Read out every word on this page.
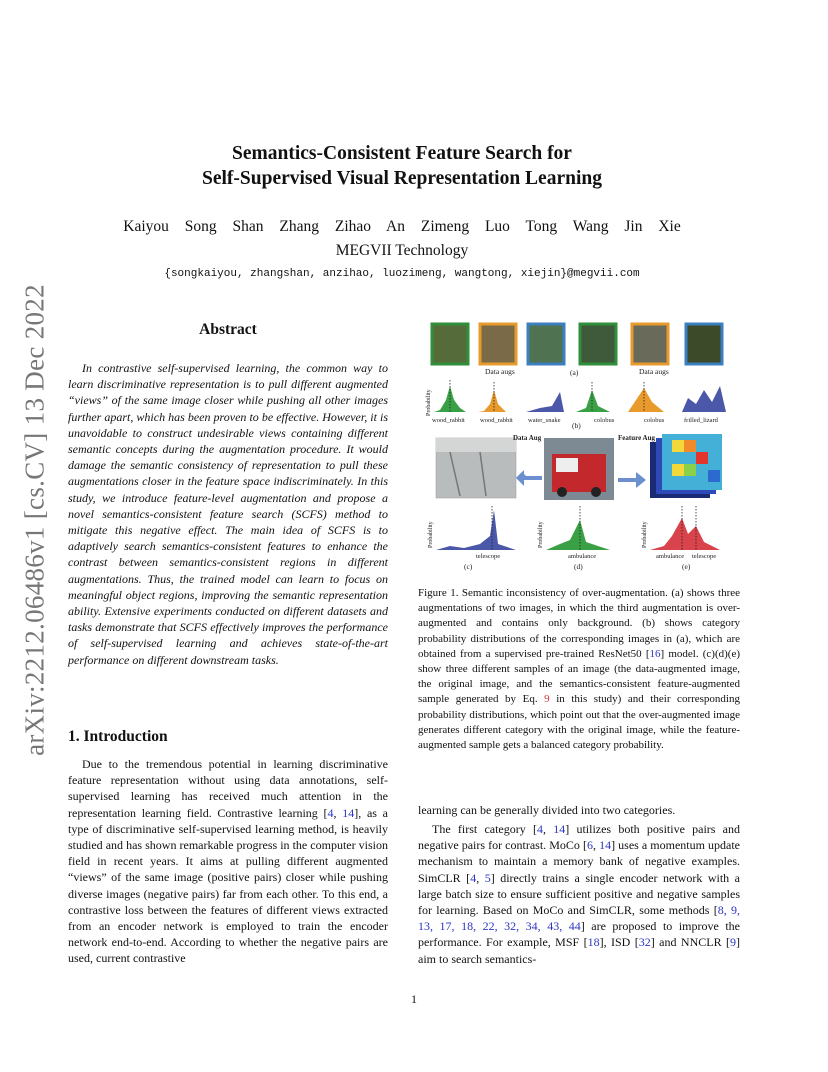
arXiv:2212.06486v1 [cs.CV] 13 Dec 2022
Semantics-Consistent Feature Search for
Self-Supervised Visual Representation Learning
Kaiyou Song Shan Zhang Zihao An Zimeng Luo Tong Wang Jin Xie
MEGVII Technology
{songkaiyou, zhangshan, anzihao, luozimeng, wangtong, xiejin}@megvii.com
Abstract
In contrastive self-supervised learning, the common way to learn discriminative representation is to pull different augmented “views” of the same image closer while pushing all other images further apart, which has been proven to be effective. However, it is unavoidable to construct undesirable views containing different semantic concepts during the augmentation procedure. It would damage the semantic consistency of representation to pull these augmentations closer in the feature space indiscriminately. In this study, we introduce feature-level augmentation and propose a novel semantics-consistent feature search (SCFS) method to mitigate this negative effect. The main idea of SCFS is to adaptively search semantics-consistent features to enhance the contrast between semantics-consistent regions in different augmentations. Thus, the trained model can learn to focus on meaningful object regions, improving the semantic representation ability. Extensive experiments conducted on different datasets and tasks demonstrate that SCFS effectively improves the performance of self-supervised learning and achieves state-of-the-art performance on different downstream tasks.
1. Introduction
Due to the tremendous potential in learning discriminative feature representation without using data annotations, self-supervised learning has received much attention in the representation learning field. Contrastive learning [4, 14], as a type of discriminative self-supervised learning method, is heavily studied and has shown remarkable progress in the computer vision field in recent years. It aims at pulling different augmented “views” of the same image (positive pairs) closer while pushing diverse images (negative pairs) far from each other. To this end, a contrastive loss between the features of different views extracted from an encoder network is employed to train the encoder network end-to-end. According to whether the negative pairs are used, current contrastive
Data augs	(a)	Data augs
Probability
wood_rabbit wood_rabbit water_snake	colobus	colobus	frilled_lizard
(b)
Data Aug	Feature Aug
Probability	Probability	Probability
telescope	ambulance	ambulance telescope
(c)	(d)	(e)
Figure 1. Semantic inconsistency of over-augmentation. (a) shows three augmentations of two images, in which the third augmentation is over-augmented and contains only background. (b) shows category probability distributions of the corresponding images in (a), which are obtained from a supervised pre-trained ResNet50 [16] model. (c)(d)(e) show three different samples of an image (the data-augmented image, the original image, and the semantics-consistent feature-augmented sample generated by Eq. 9 in this study) and their corresponding probability distributions, which point out that the over-augmented image generates different category with the original image, while the feature-augmented sample gets a balanced category probability.
learning can be generally divided into two categories.
The first category [4, 14] utilizes both positive pairs and negative pairs for contrast. MoCo [6, 14] uses a momentum update mechanism to maintain a memory bank of negative examples. SimCLR [4, 5] directly trains a single encoder network with a large batch size to ensure sufficient positive and negative samples for learning. Based on MoCo and SimCLR, some methods [8, 9, 13, 17, 18, 22, 32, 34, 43, 44] are proposed to improve the performance. For example, MSF [18], ISD [32] and NNCLR [9] aim to search semantics-
1
